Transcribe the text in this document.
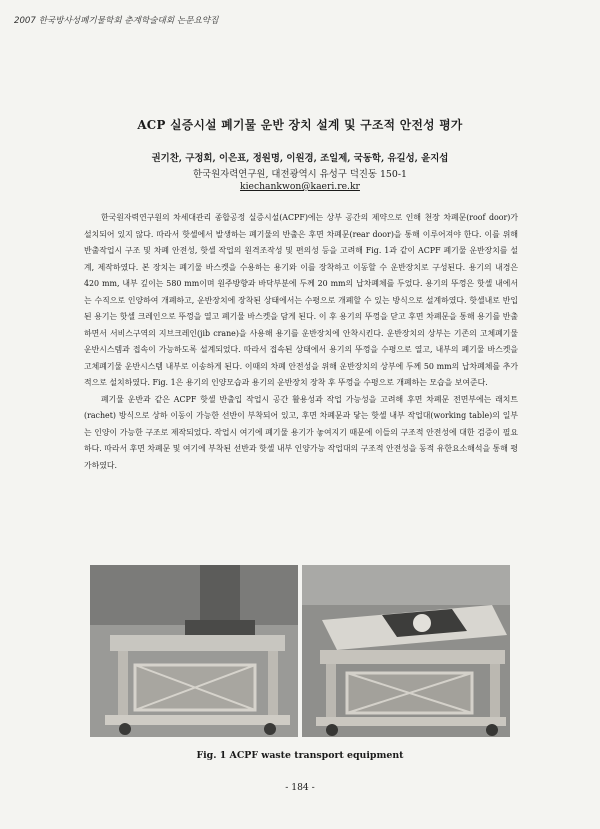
2007 한국방사성폐기물학회 춘계학술대회 논문요약집
ACP 실증시설 폐기물 운반 장치 설계 및 구조적 안전성 평가
권기찬, 구정회, 이은표, 정원명, 이원경, 조일제, 국동학, 유길성, 윤지섭
한국원자력연구원, 대전광역시 유성구 덕진동 150-1
kiechankwon@kaeri.re.kr

한국원자력연구원의 차세대관리 종합공정 실증시설(ACPF)에는 상부 공간의 제약으로 인해 천장 차폐문(roof door)가 설치되어 있지 않다. 따라서 핫셀에서 발생하는 폐기물의 반출은 후면 차폐문(rear door)을 통해 이루어져야 한다. 이를 위해 반출작업시 구조 및 차폐 안전성, 핫셀 작업의 원격조작성 및 편의성 등을 고려해 Fig. 1과 같이 ACPF 폐기물 운반장치를 설계, 제작하였다. 본 장치는 폐기물 바스켓을 수용하는 용기와 이를 장착하고 이동할 수 운반장치로 구성된다. 용기의 내경은 420 mm, 내부 깊이는 580 mm이며 원주방향과 바닥부분에 두께 20 mm의 납차폐체를 두었다. 용기의 뚜껑은 핫셀 내에서는 수직으로 인양하여 개폐하고, 운반장치에 장착된 상태에서는 수평으로 개폐할 수 있는 방식으로 설계하였다. 핫셀내로 반입된 용기는 핫셀 크레인으로 뚜껑을 열고 폐기물 바스켓을 담게 된다. 이 후 용기의 뚜껑을 닫고 후면 차폐문을 통해 용기를 반출하면서 서비스구역의 지브크레인(jib crane)을 사용해 용기를 운반장치에 안착시킨다. 운반장치의 상부는 기존의 고체폐기물 운반시스템과 접속이 가능하도록 설계되었다. 따라서 접속된 상태에서 용기의 뚜껑을 수평으로 열고, 내부의 폐기물 바스켓을 고체폐기물 운반시스템 내부로 이송하게 된다. 이때의 차폐 안전성을 위해 운반장치의 상부에 두께 50 mm의 납차폐체를 추가적으로 설치하였다. Fig. 1은 용기의 인양모습과 용기의 운반장치 장착 후 뚜껑을 수평으로 개폐하는 모습을 보여준다.

폐기물 운반과 같은 ACPF 핫셀 반출입 작업시 공간 활용성과 작업 가능성을 고려해 후면 차폐문 전면부에는 래치트(rachet) 방식으로 상하 이동이 가능한 선반이 부착되어 있고, 후면 차폐문과 닿는 핫셀 내부 작업대(working table)의 일부는 인양이 가능한 구조로 제작되었다. 작업시 여기에 폐기물 용기가 놓여지기 때문에 이들의 구조적 안전성에 대한 검증이 필요하다. 따라서 후면 차폐문 및 여기에 부착된 선반과 핫셀 내부 인양가능 작업대의 구조적 안전성을 동적 유한요소해석을 통해 평가하였다.

Fig. 1 ACPF waste transport equipment
- 184 -
